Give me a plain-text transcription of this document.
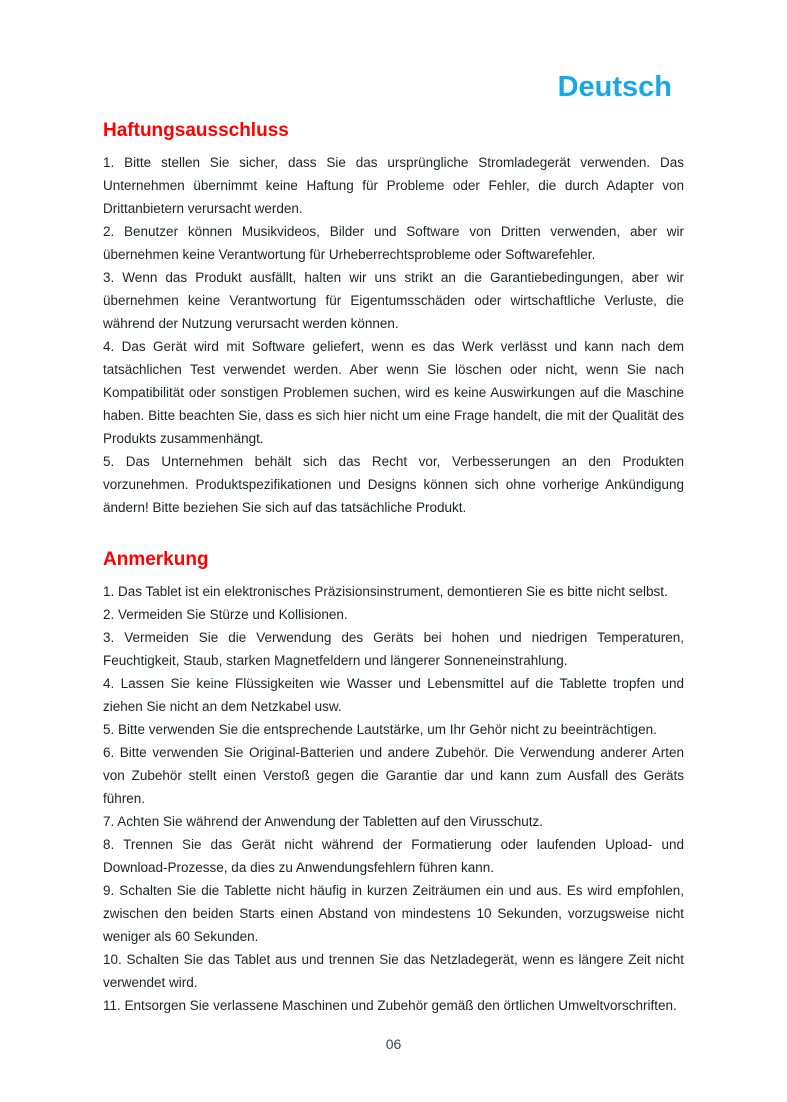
Deutsch
Haftungsausschluss

1. Bitte stellen Sie sicher, dass Sie das ursprüngliche Stromladegerät verwenden. Das Unternehmen übernimmt keine Haftung für Probleme oder Fehler, die durch Adapter von Drittanbietern verursacht werden.

2. Benutzer können Musikvideos, Bilder und Software von Dritten verwenden, aber wir übernehmen keine Verantwortung für Urheberrechtsprobleme oder Softwarefehler.

3. Wenn das Produkt ausfällt, halten wir uns strikt an die Garantiebedingungen, aber wir übernehmen keine Verantwortung für Eigentumsschäden oder wirtschaftliche Verluste, die während der Nutzung verursacht werden können.

4. Das Gerät wird mit Software geliefert, wenn es das Werk verlässt und kann nach dem tatsächlichen Test verwendet werden. Aber wenn Sie löschen oder nicht, wenn Sie nach Kompatibilität oder sonstigen Problemen suchen, wird es keine Auswirkungen auf die Maschine haben. Bitte beachten Sie, dass es sich hier nicht um eine Frage handelt, die mit der Qualität des Produkts zusammenhängt.

5. Das Unternehmen behält sich das Recht vor, Verbesserungen an den Produkten vorzunehmen. Produktspezifikationen und Designs können sich ohne vorherige Ankündigung ändern! Bitte beziehen Sie sich auf das tatsächliche Produkt.

Anmerkung

1. Das Tablet ist ein elektronisches Präzisionsinstrument, demontieren Sie es bitte nicht selbst.

2. Vermeiden Sie Stürze und Kollisionen.

3. Vermeiden Sie die Verwendung des Geräts bei hohen und niedrigen Temperaturen, Feuchtigkeit, Staub, starken Magnetfeldern und längerer Sonneneinstrahlung.

4. Lassen Sie keine Flüssigkeiten wie Wasser und Lebensmittel auf die Tablette tropfen und ziehen Sie nicht an dem Netzkabel usw.

5. Bitte verwenden Sie die entsprechende Lautstärke, um Ihr Gehör nicht zu beeinträchtigen.

6. Bitte verwenden Sie Original-Batterien und andere Zubehör. Die Verwendung anderer Arten von Zubehör stellt einen Verstoß gegen die Garantie dar und kann zum Ausfall des Geräts führen.

7. Achten Sie während der Anwendung der Tabletten auf den Virusschutz.

8. Trennen Sie das Gerät nicht während der Formatierung oder laufenden Upload- und Download-Prozesse, da dies zu Anwendungsfehlern führen kann.

9. Schalten Sie die Tablette nicht häufig in kurzen Zeiträumen ein und aus. Es wird empfohlen, zwischen den beiden Starts einen Abstand von mindestens 10 Sekunden, vorzugsweise nicht weniger als 60 Sekunden.

10. Schalten Sie das Tablet aus und trennen Sie das Netzladegerät, wenn es längere Zeit nicht verwendet wird.

11. Entsorgen Sie verlassene Maschinen und Zubehör gemäß den örtlichen Umweltvorschriften.

06
